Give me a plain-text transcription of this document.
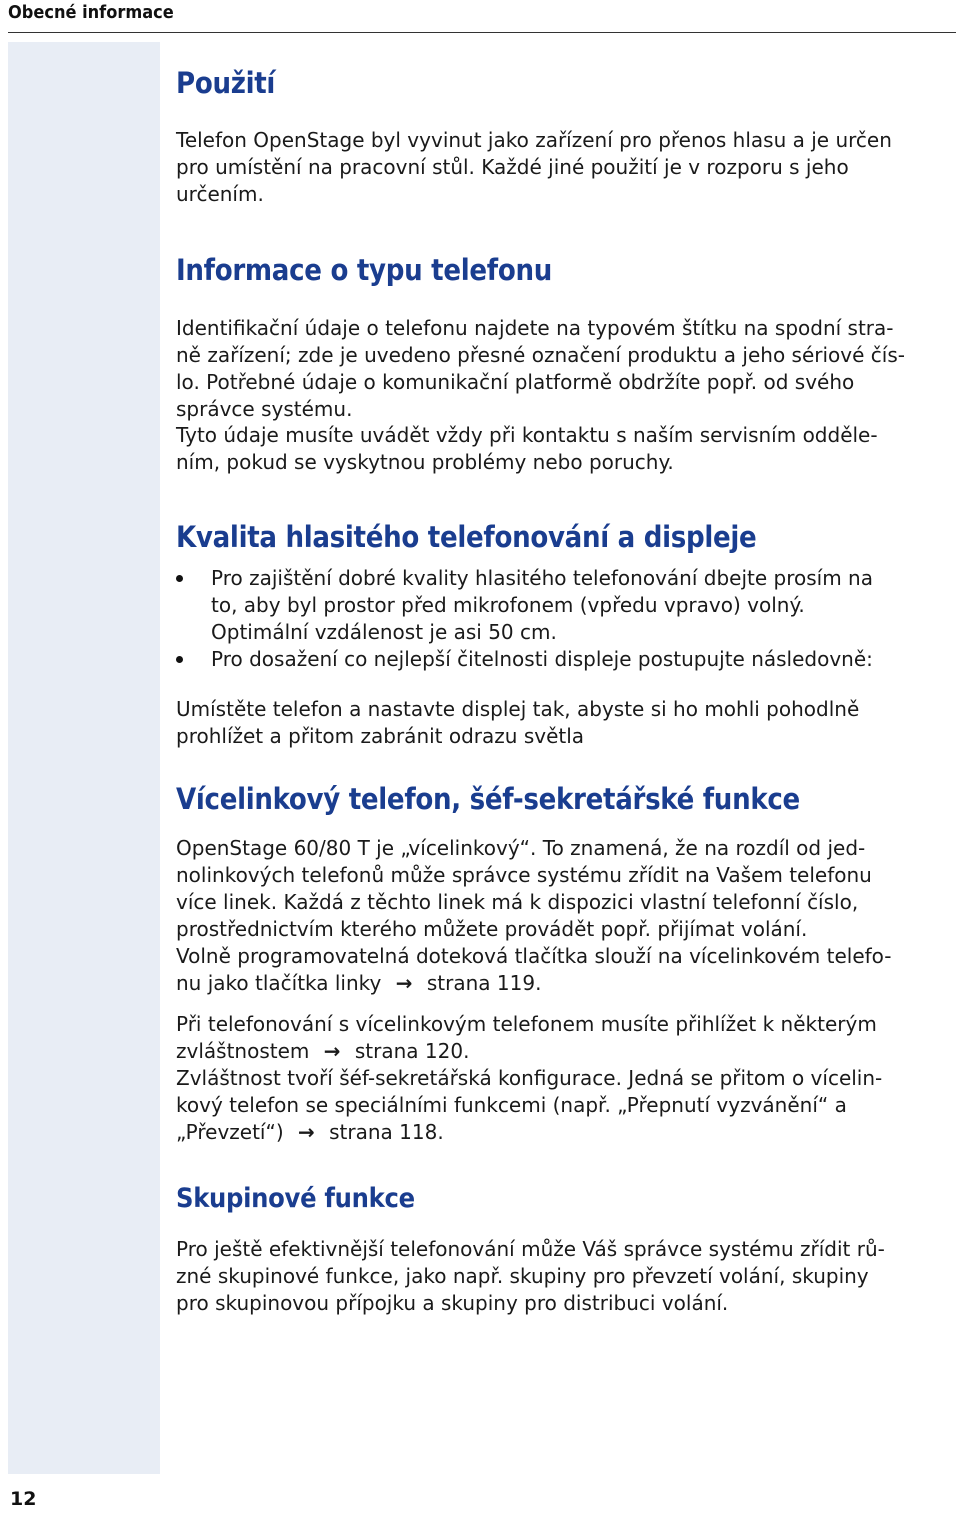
Obecné informace
12
Použití
Telefon OpenStage byl vyvinut jako zařízení pro přenos hlasu a je určen
pro umístění na pracovní stůl. Každé jiné použití je v rozporu s jeho
určením.
Informace o typu telefonu
Identifikační údaje o telefonu najdete na typovém štítku na spodní stra-
ně zařízení; zde je uvedeno přesné označení produktu a jeho sériové čís-
lo. Potřebné údaje o komunikační platformě obdržíte popř. od svého
správce systému.
Tyto údaje musíte uvádět vždy při kontaktu s naším servisním odděle-
ním, pokud se vyskytnou problémy nebo poruchy.
Kvalita hlasitého telefonování a displeje
Pro zajištění dobré kvality hlasitého telefonování dbejte prosím na
to, aby byl prostor před mikrofonem (vpředu vpravo) volný.
Optimální vzdálenost je asi 50 cm.
Pro dosažení co nejlepší čitelnosti displeje postupujte následovně:
Umístěte telefon a nastavte displej tak, abyste si ho mohli pohodlně
prohlížet a přitom zabránit odrazu světla
Vícelinkový telefon, šéf-sekretářské funkce
OpenStage 60/80 T je „vícelinkový“. To znamená, že na rozdíl od jed-
nolinkových telefonů může správce systému zřídit na Vašem telefonu
více linek. Každá z těchto linek má k dispozici vlastní telefonní číslo,
prostřednictvím kterého můžete provádět popř. přijímat volání.
Volně programovatelná doteková tlačítka slouží na vícelinkovém telefo-
nu jako tlačítka linky → strana 119.
Při telefonování s vícelinkovým telefonem musíte přihlížet k některým
zvláštnostem → strana 120.
Zvláštnost tvoří šéf-sekretářská konfigurace. Jedná se přitom o vícelin-
kový telefon se speciálními funkcemi (např. „Přepnutí vyzvánění“ a
„Převzetí“) → strana 118.
Skupinové funkce
Pro ještě efektivnější telefonování může Váš správce systému zřídit rů-
zné skupinové funkce, jako např. skupiny pro převzetí volání, skupiny
pro skupinovou přípojku a skupiny pro distribuci volání.
